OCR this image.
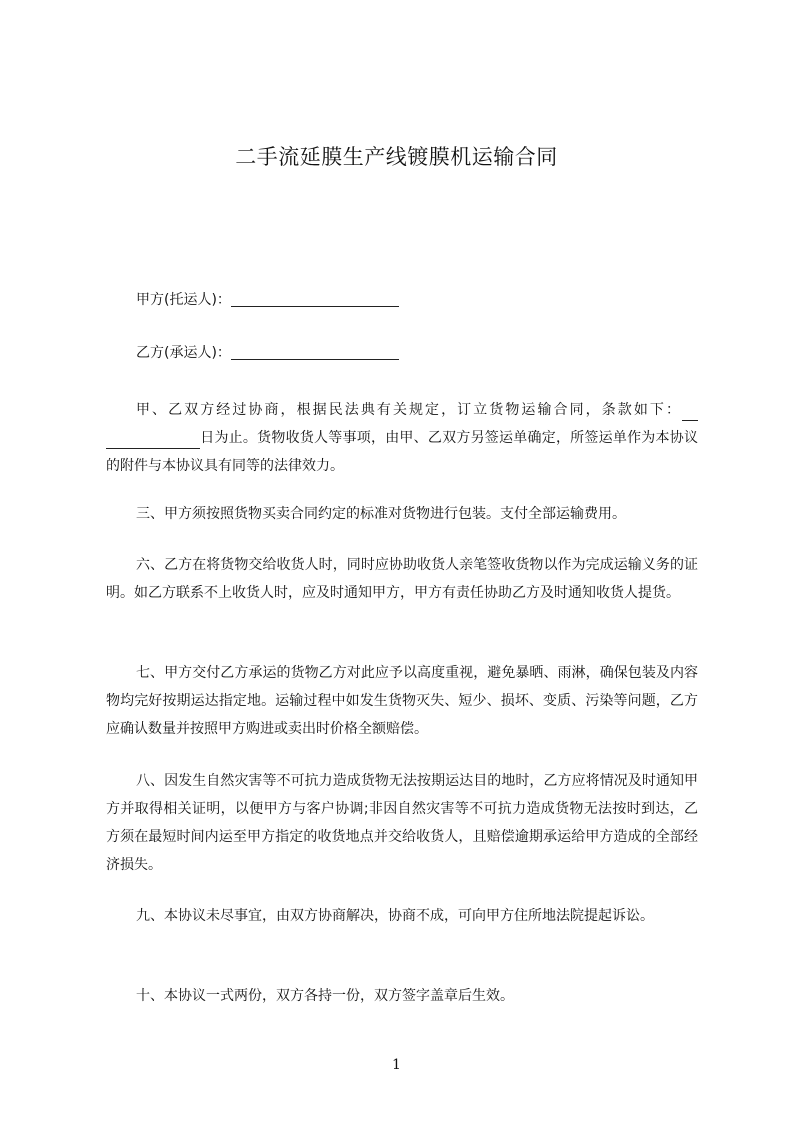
二手流延膜生产线镀膜机运输合同
甲方(托运人)：
乙方(承运人)：
甲、乙双方经过协商，根据民法典有关规定，订立货物运输合同，条款如下：日为止。货物收货人等事项，由甲、乙双方另签运单确定，所签运单作为本协议的附件与本协议具有同等的法律效力。
三、甲方须按照货物买卖合同约定的标准对货物进行包装。支付全部运输费用。
六、乙方在将货物交给收货人时，同时应协助收货人亲笔签收货物以作为完成运输义务的证明。如乙方联系不上收货人时，应及时通知甲方，甲方有责任协助乙方及时通知收货人提货。
七、甲方交付乙方承运的货物乙方对此应予以高度重视，避免暴晒、雨淋，确保包装及内容物均完好按期运达指定地。运输过程中如发生货物灭失、短少、损坏、变质、污染等问题，乙方应确认数量并按照甲方购进或卖出时价格全额赔偿。
八、因发生自然灾害等不可抗力造成货物无法按期运达目的地时，乙方应将情况及时通知甲方并取得相关证明，以便甲方与客户协调;非因自然灾害等不可抗力造成货物无法按时到达，乙方须在最短时间内运至甲方指定的收货地点并交给收货人，且赔偿逾期承运给甲方造成的全部经济损失。
九、本协议未尽事宜，由双方协商解决，协商不成，可向甲方住所地法院提起诉讼。
十、本协议一式两份，双方各持一份，双方签字盖章后生效。
1
